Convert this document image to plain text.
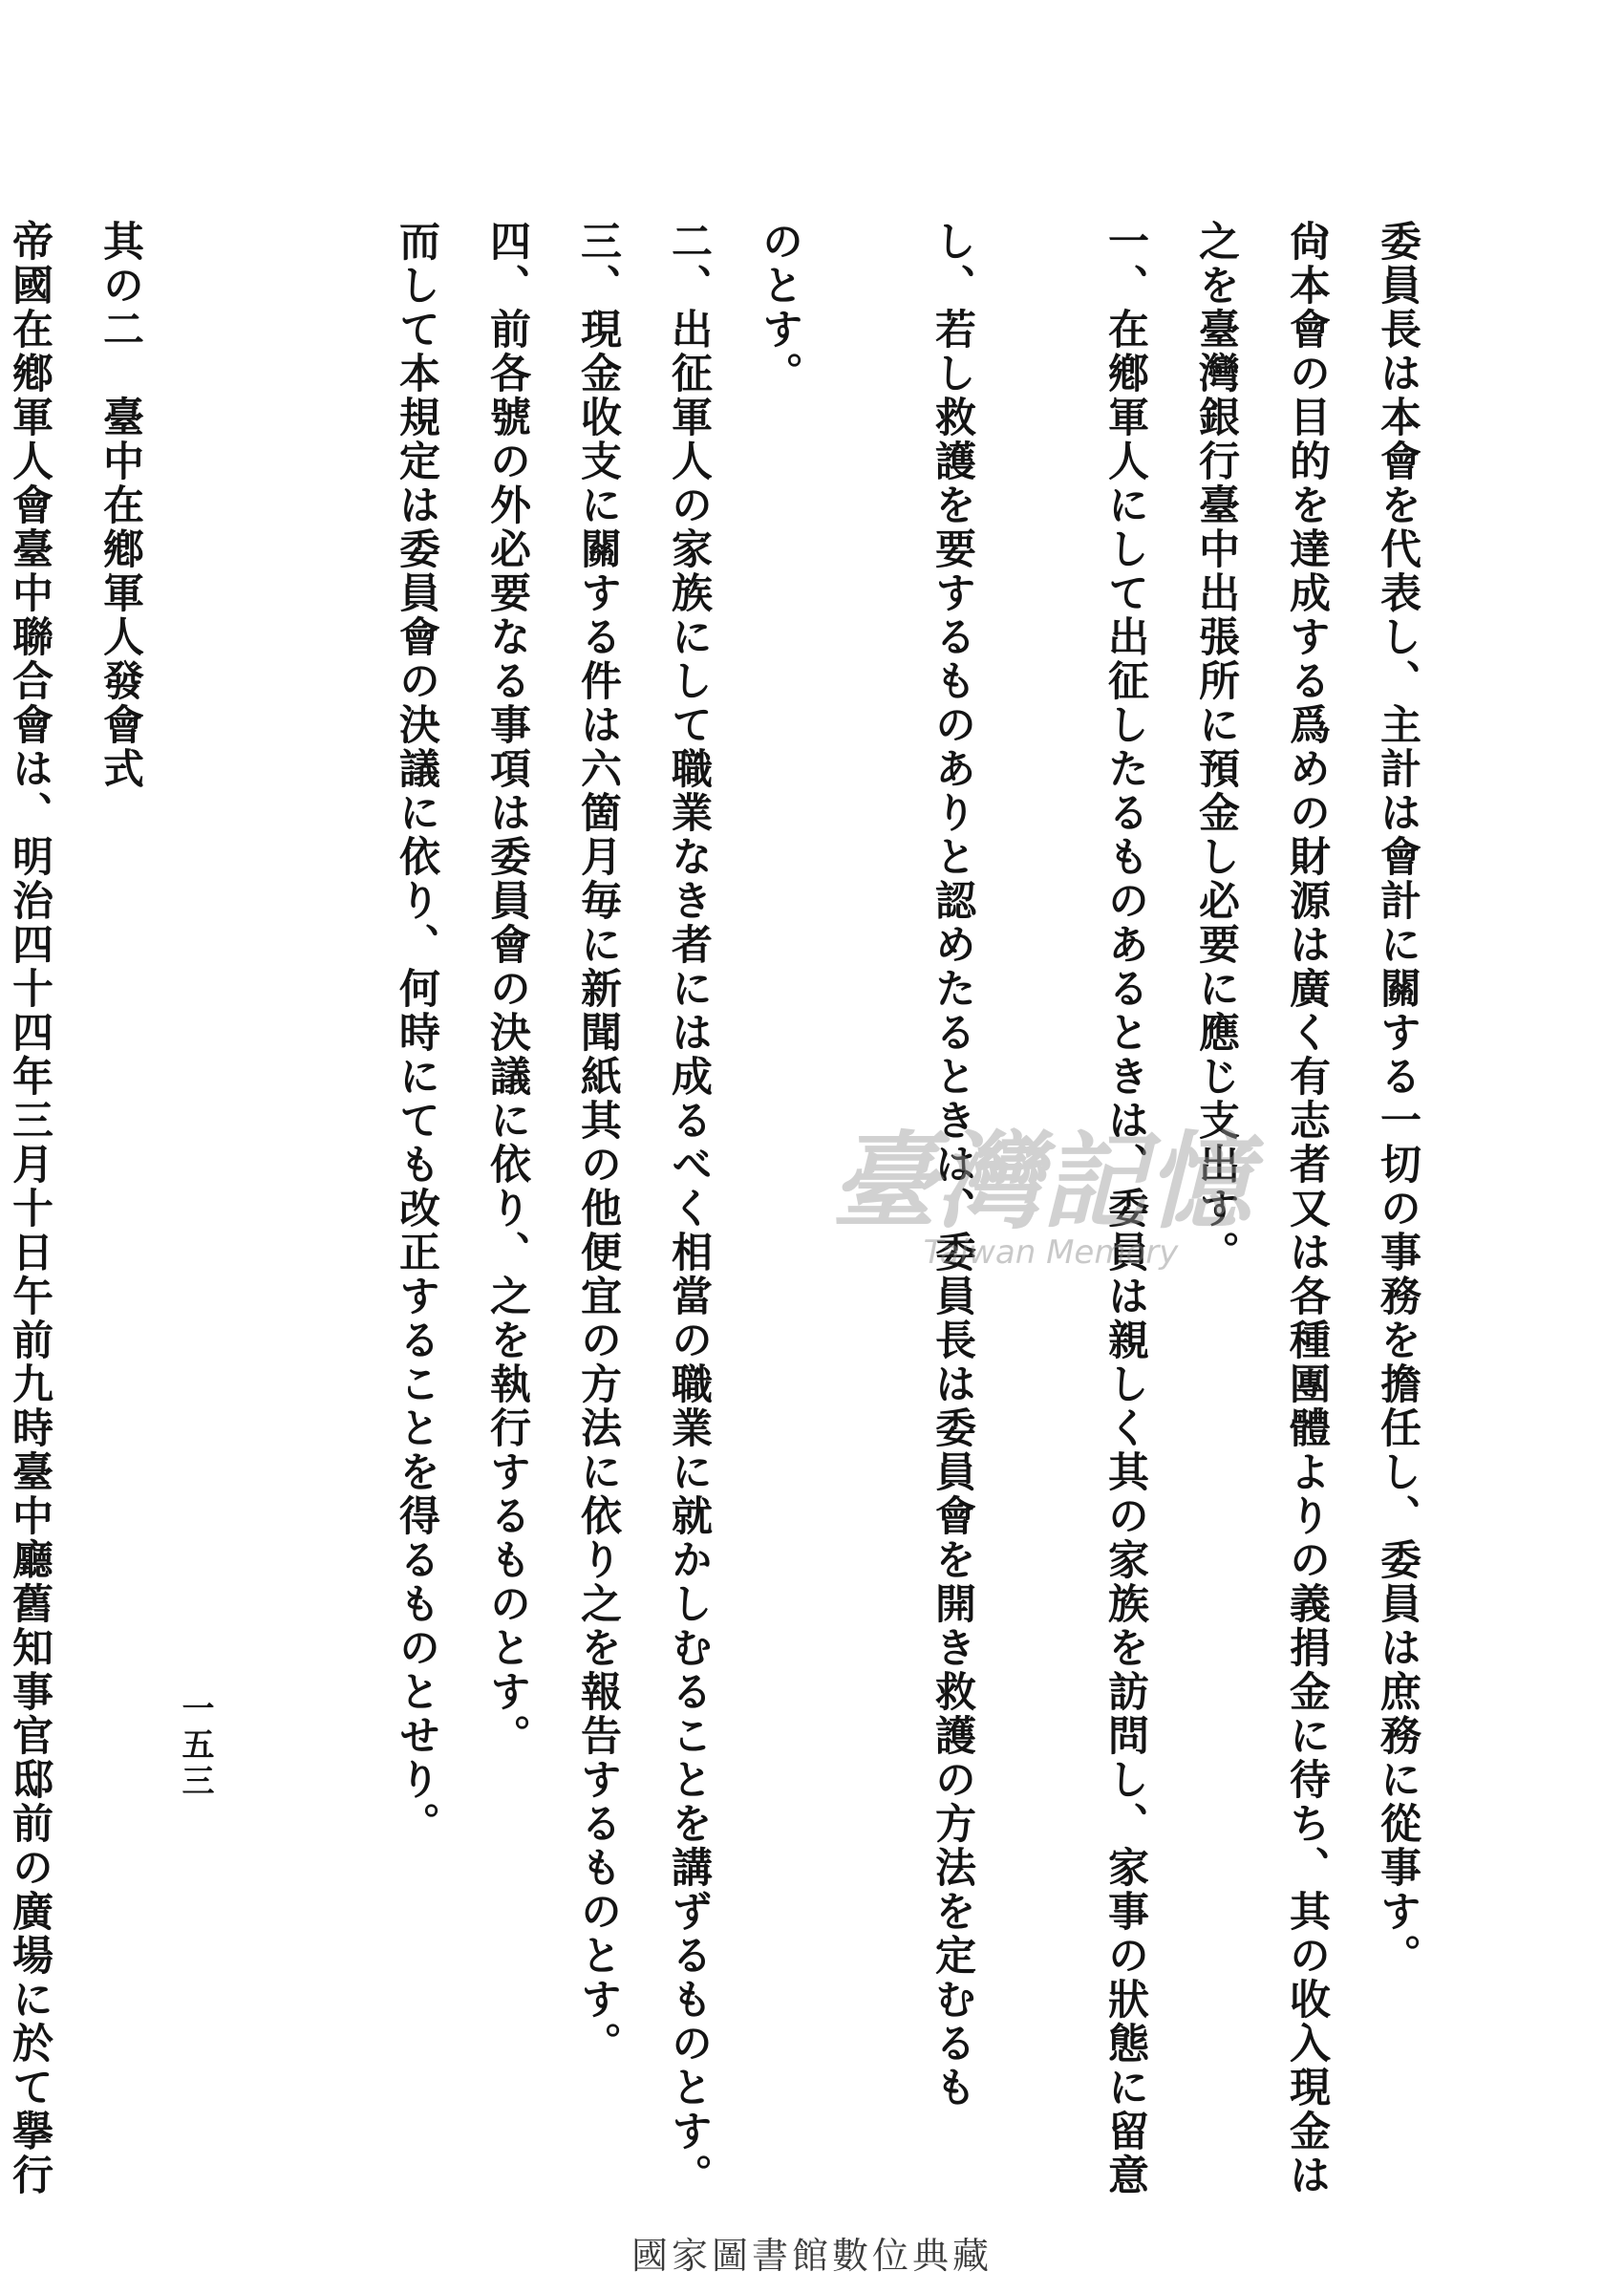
委員長は本會を代表し、主計は會計に關する一切の事務を擔任し、委員は庶務に從事す。
尙本會の目的を達成する爲めの財源は廣く有志者又は各種團體よりの義捐金に待ち、其の收入現金は
之を臺灣銀行臺中出張所に預金し必要に應じ支出す。
一、在鄕軍人にして出征したるものあるときは、委員は親しく其の家族を訪問し、家事の狀態に留意
し、若し救護を要するものありと認めたるときは、委員長は委員會を開き救護の方法を定むるも
のとす。
二、出征軍人の家族にして職業なき者には成るべく相當の職業に就かしむることを講ずるものとす。
三、現金收支に關する件は六箇月毎に新聞紙其の他便宜の方法に依り之を報告するものとす。
四、前各號の外必要なる事項は委員會の決議に依り、之を執行するものとす。
而して本規定は委員會の決議に依り、何時にても改正することを得るものとせり。
其の二　臺中在鄕軍人發會式
帝國在鄕軍人會臺中聯合會は、明治四十四年三月十日午前九時臺中廳舊知事官邸前の廣場に於て擧行	一五三
臺灣記憶
Taiwan Memory
國家圖書館數位典藏
